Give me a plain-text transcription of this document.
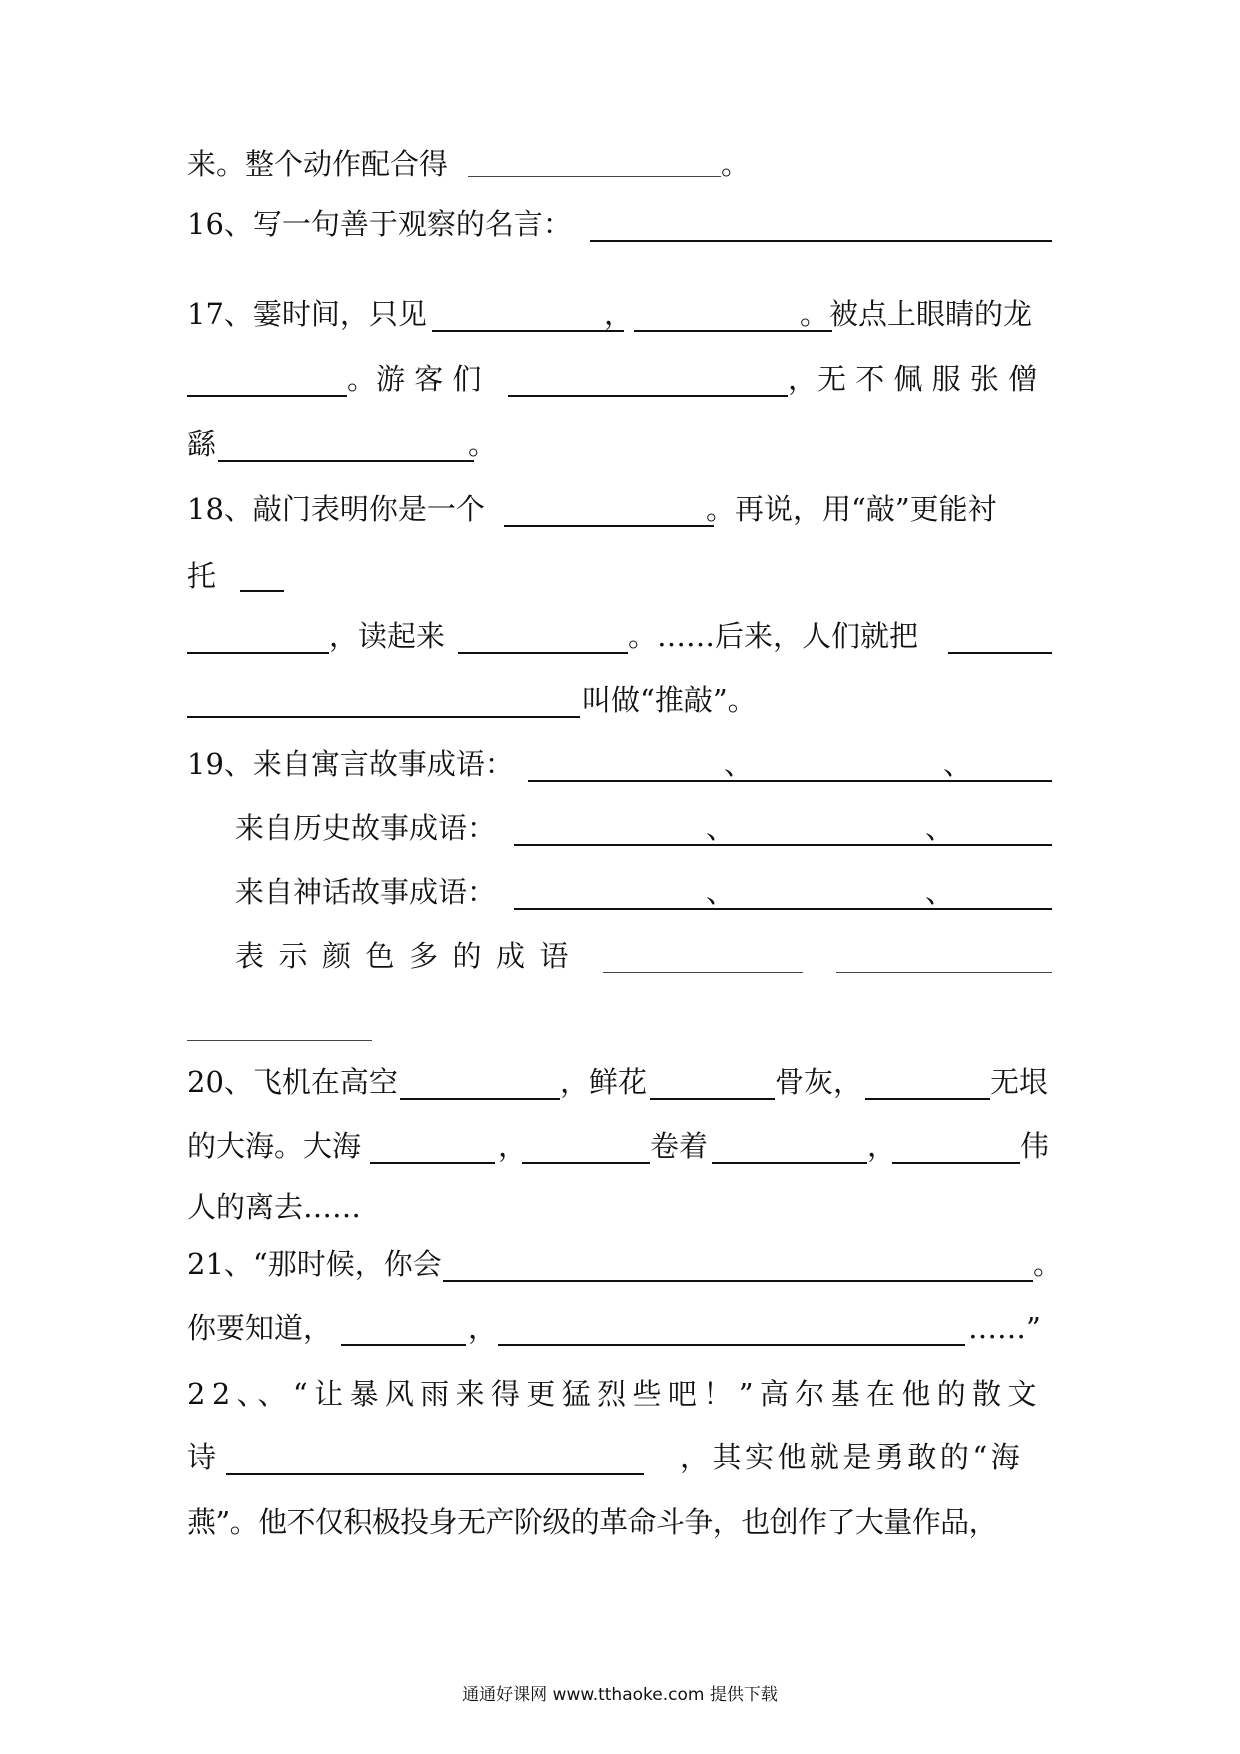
来。整个动作配合得	。
16、写一句善于观察的名言：
17、霎时间，只见	，	。被点上眼睛的龙
。游 客 们	，无 不 佩 服 张 僧
繇	。
18、敲门表明你是一个	。再说，用“敲”更能衬
托
，读起来	。……后来，人们就把
叫做“推敲”。
19、来自寓言故事成语：	、	、
来自历史故事成语：	、	、
来自神话故事成语：	、	、
表示颜色多的成语
20、飞机在高空	，鲜花	骨灰，	无垠
的大海。大海	，	卷着	，	伟
人的离去……
21、“那时候，你会	。
你要知道，	，	……”
22、、“让暴风雨来得更猛烈些吧！”高尔基在他的散文
诗	，其实他就是勇敢的“海
燕”。他不仅积极投身无产阶级的革命斗争，也创作了大量作品，
通通好课网 www.tthaoke.com 提供下载
